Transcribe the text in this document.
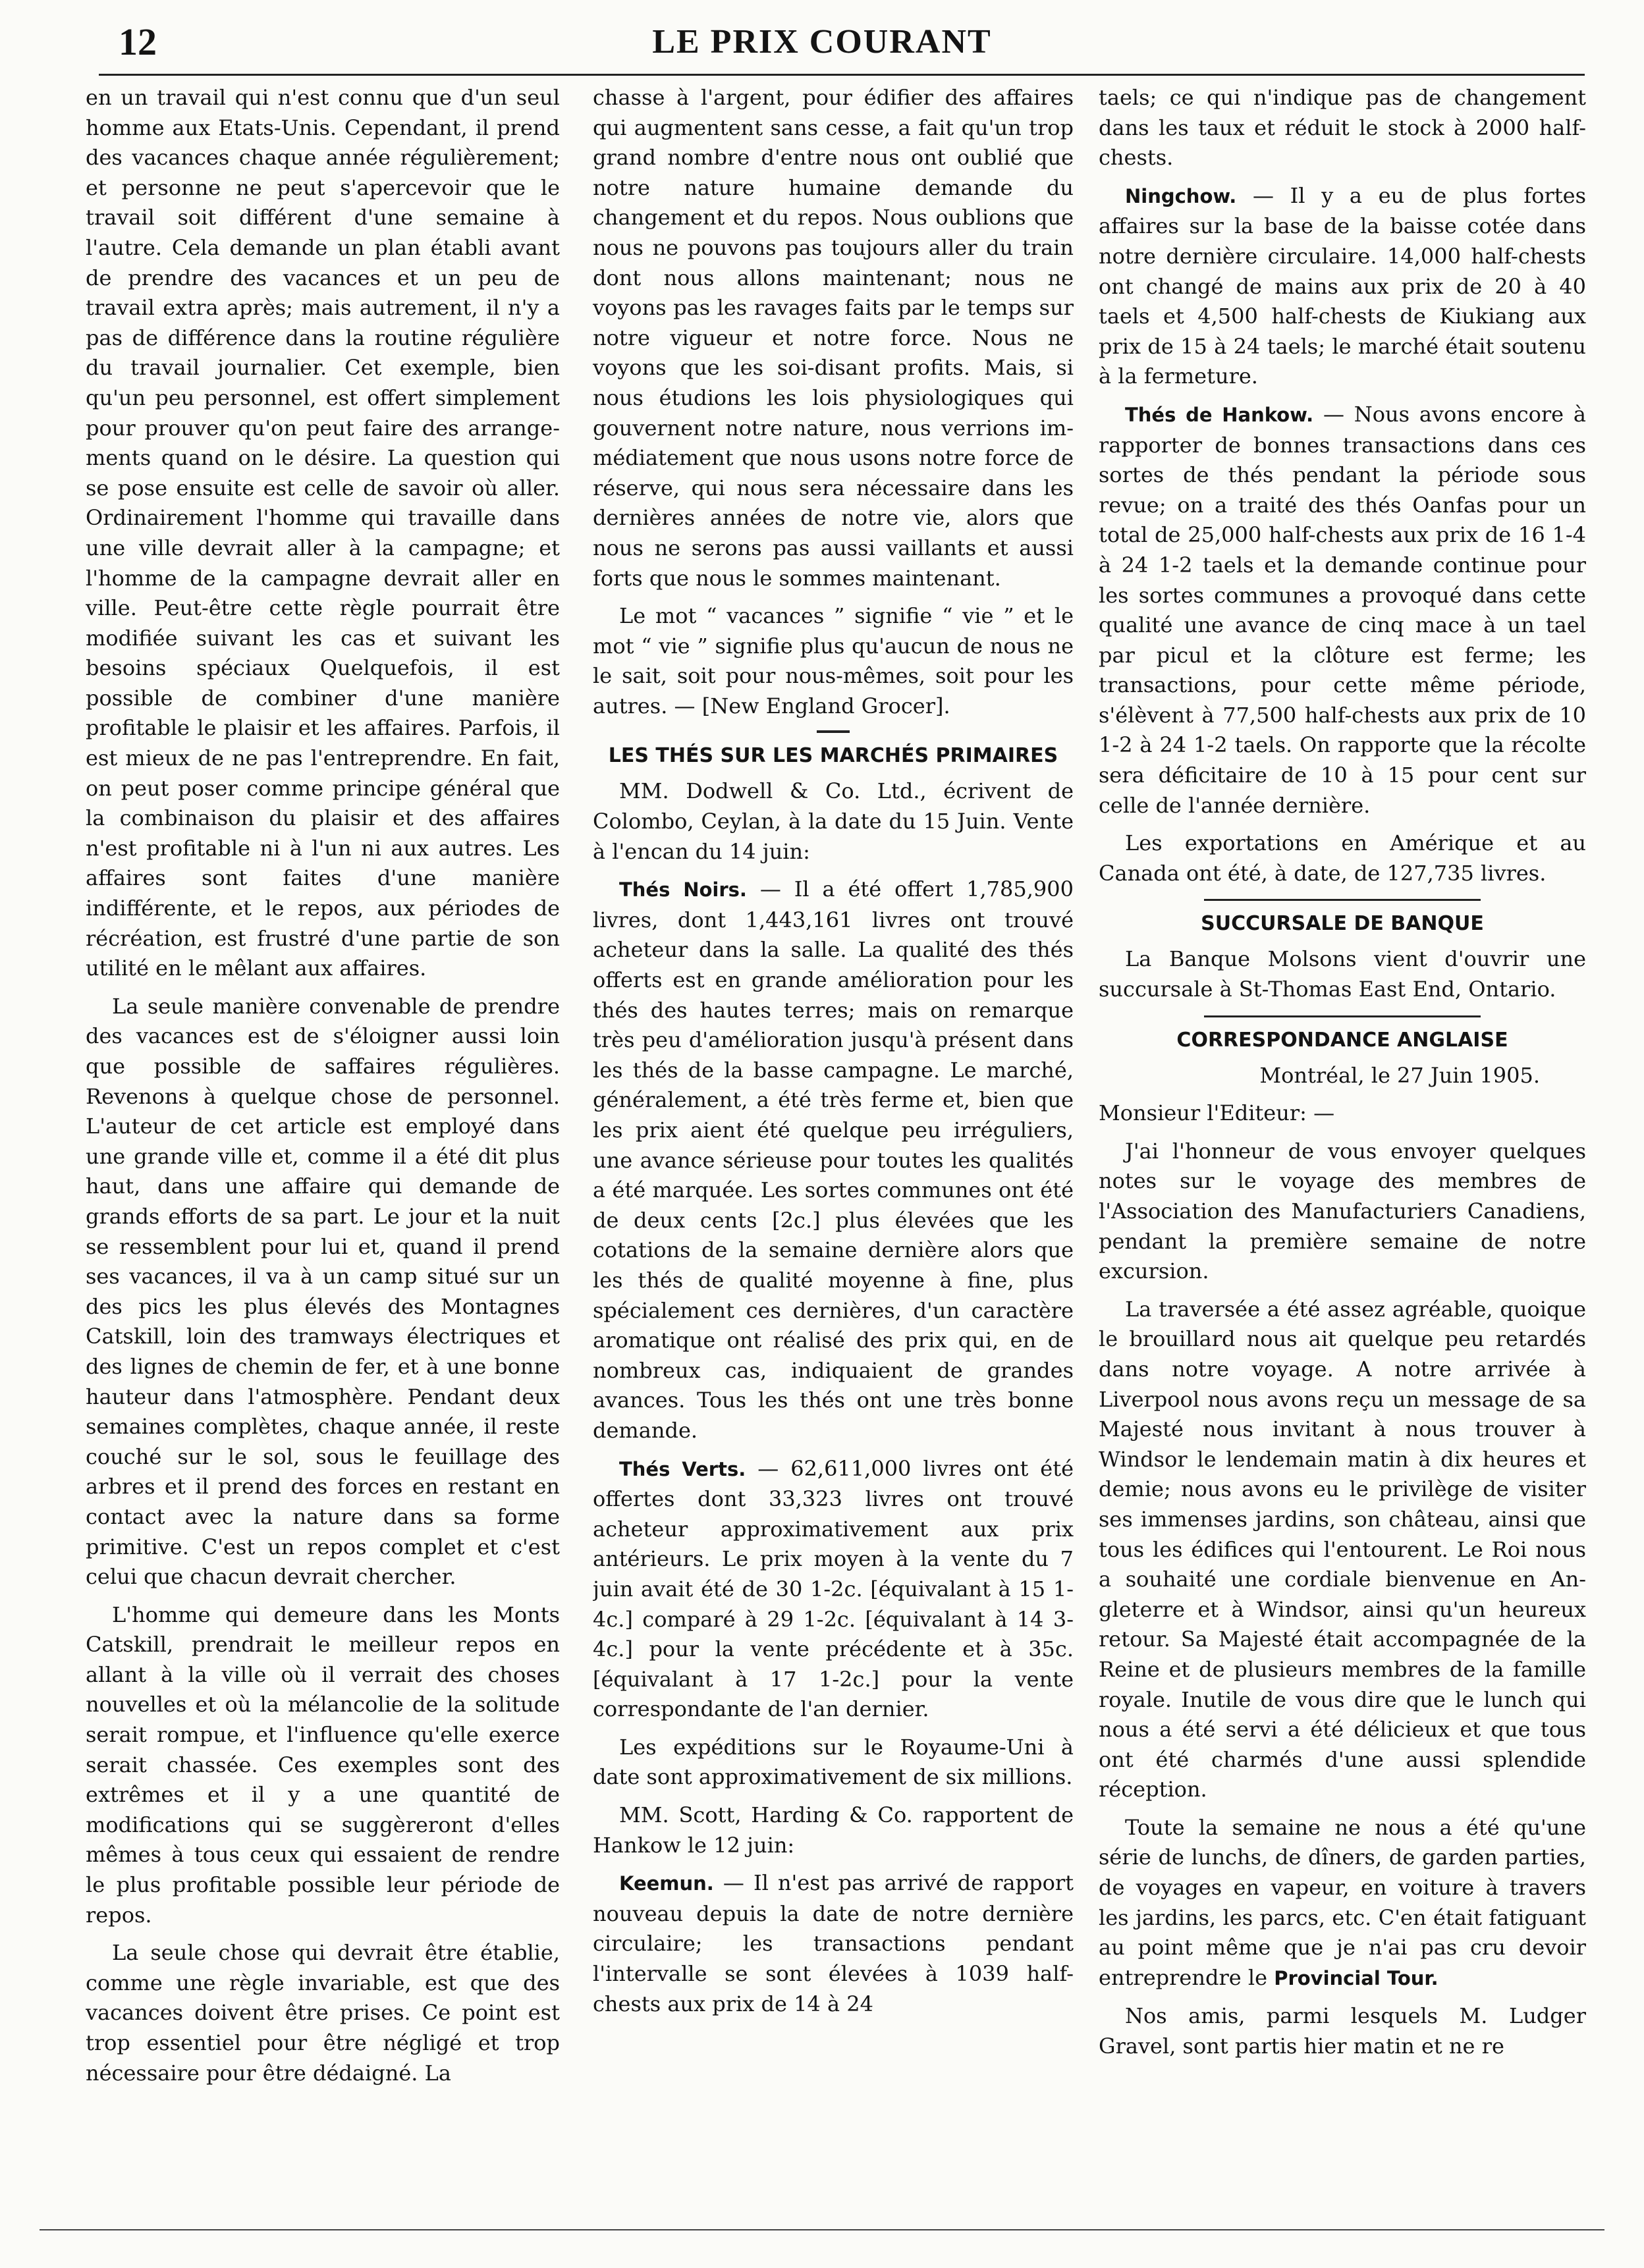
12	LE PRIX COURANT

en un travail qui n'est connu que d'un seul homme aux Etats-Unis. Cependant, il prend des vacances chaque année régulièrement; et personne ne peut s'apercevoir que le travail soit différent d'une semaine à l'autre. Cela demande un plan établi avant de prendre des vacances et un peu de travail extra après; mais autrement, il n'y a pas de différence dans la routine régulière du travail journalier. Cet exemple, bien qu'un peu personnel, est offert simplement pour prouver qu'on peut faire des arrangements quand on le désire. La question qui se pose ensuite est celle de savoir où aller. Ordinairement l'homme qui travaille dans une ville devrait aller à la campagne; et l'homme de la campagne devrait aller en ville. Peut-être cette règle pourrait être modifiée suivant les cas et suivant les besoins spéciaux Quelquefois, il est possible de combiner d'une manière profitable le plaisir et les affaires. Parfois, il est mieux de ne pas l'entreprendre. En fait, on peut poser comme principe général que la combinaison du plaisir et des affaires n'est profitable ni à l'un ni aux autres. Les affaires sont faites d'une manière indifférente, et le repos, aux périodes de récréation, est frustré d'une partie de son utilité en le mêlant aux affaires.

La seule manière convenable de prendre des vacances est de s'éloigner aussi loin que possible de saffaires régulières. Revenons à quelque chose de personnel. L'auteur de cet article est employé dans une grande ville et, comme il a été dit plus haut, dans une affaire qui demande de grands efforts de sa part. Le jour et la nuit se ressemblent pour lui et, quand il prend ses vacances, il va à un camp situé sur un des pics les plus élevés des Montagnes Catskill, loin des tramways électriques et des lignes de chemin de fer, et à une bonne hauteur dans l'atmosphère. Pendant deux semaines complètes, chaque année, il reste couché sur le sol, sous le feuillage des arbres et il prend des forces en restant en contact avec la nature dans sa forme primitive. C'est un repos complet et c'est celui que chacun devrait chercher.

L'homme qui demeure dans les Monts Catskill, prendrait le meilleur repos en allant à la ville où il verrait des choses nouvelles et où la mélancolie de la solitude serait rompue, et l'influence qu'elle exerce serait chassée. Ces exemples sont des extrêmes et il y a une quantité de modifications qui se suggèreront d'elles mêmes à tous ceux qui essaient de rendre le plus profitable possible leur période de repos.

La seule chose qui devrait être établie, comme une règle invariable, est que des vacances doivent être prises. Ce point est trop essentiel pour être négligé et trop nécessaire pour être dédaigné. La

chasse à l'argent, pour édifier des affaires qui augmentent sans cesse, a fait qu'un trop grand nombre d'entre nous ont oublié que notre nature humaine demande du changement et du repos. Nous oublions que nous ne pouvons pas toujours aller du train dont nous allons maintenant; nous ne voyons pas les ravages faits par le temps sur notre vigueur et notre force. Nous ne voyons que les soi-disant profits. Mais, si nous étudions les lois physiologiques qui gouvernent notre nature, nous verrions immédiatement que nous usons notre force de réserve, qui nous sera nécessaire dans les dernières années de notre vie, alors que nous ne serons pas aussi vaillants et aussi forts que nous le sommes maintenant.

Le mot “ vacances ” signifie “ vie ” et le mot “ vie ” signifie plus qu'aucun de nous ne le sait, soit pour nous-mêmes, soit pour les autres. — [New England Grocer].

LES THÉS SUR LES MARCHÉS PRIMAIRES

MM. Dodwell & Co. Ltd., écrivent de Colombo, Ceylan, à la date du 15 Juin. Vente à l'encan du 14 juin:

Thés Noirs. — Il a été offert 1,785,900 livres, dont 1,443,161 livres ont trouvé acheteur dans la salle. La qualité des thés offerts est en grande amélioration pour les thés des hautes terres; mais on remarque très peu d'amélioration jusqu'à présent dans les thés de la basse campagne. Le marché, généralement, a été très ferme et, bien que les prix aient été quelque peu irréguliers, une avance sérieuse pour toutes les qualités a été marquée. Les sortes communes ont été de deux cents [2c.] plus élevées que les cotations de la semaine dernière alors que les thés de qualité moyenne à fine, plus spécialement ces dernières, d'un caractère aromatique ont réalisé des prix qui, en de nombreux cas, indiquaient de grandes avances. Tous les thés ont une très bonne demande.

Thés Verts. — 62,611,000 livres ont été offertes dont 33,323 livres ont trouvé acheteur approximativement aux prix antérieurs. Le prix moyen à la vente du 7 juin avait été de 30 1-2c. [équivalant à 15 1-4c.] comparé à 29 1-2c. [équivalant à 14 3-4c.] pour la vente précédente et à 35c. [équivalant à 17 1-2c.] pour la vente correspondante de l'an dernier.

Les expéditions sur le Royaume-Uni à date sont approximativement de six millions.

MM. Scott, Harding & Co. rapportent de Hankow le 12 juin:

Keemun. — Il n'est pas arrivé de rapport nouveau depuis la date de notre dernière circulaire; les transactions pendant l'intervalle se sont élevées à 1039 half-chests aux prix de 14 à 24

taels; ce qui n'indique pas de changement dans les taux et réduit le stock à 2000 half-chests.

Ningchow. — Il y a eu de plus fortes affaires sur la base de la baisse cotée dans notre dernière circulaire. 14,000 half-chests ont changé de mains aux prix de 20 à 40 taels et 4,500 half-chests de Kiukiang aux prix de 15 à 24 taels; le marché était soutenu à la fermeture.

Thés de Hankow. — Nous avons encore à rapporter de bonnes transactions dans ces sortes de thés pendant la période sous revue; on a traité des thés Oanfas pour un total de 25,000 half-chests aux prix de 16 1-4 à 24 1-2 taels et la demande continue pour les sortes communes a provoqué dans cette qualité une avance de cinq mace à un tael par picul et la clôture est ferme; les transactions, pour cette même période, s'élèvent à 77,500 half-chests aux prix de 10 1-2 à 24 1-2 taels. On rapporte que la récolte sera déficitaire de 10 à 15 pour cent sur celle de l'année dernière.

Les exportations en Amérique et au Canada ont été, à date, de 127,735 livres.

SUCCURSALE DE BANQUE

La Banque Molsons vient d'ouvrir une succursale à St-Thomas East End, Ontario.

CORRESPONDANCE ANGLAISE

Montréal, le 27 Juin 1905.

Monsieur l'Editeur: —

J'ai l'honneur de vous envoyer quelques notes sur le voyage des membres de l'Association des Manufacturiers Canadiens, pendant la première semaine de notre excursion.

La traversée a été assez agréable, quoique le brouillard nous ait quelque peu retardés dans notre voyage. A notre arrivée à Liverpool nous avons reçu un message de sa Majesté nous invitant à nous trouver à Windsor le lendemain matin à dix heures et demie; nous avons eu le privilège de visiter ses immenses jardins, son château, ainsi que tous les édifices qui l'entourent. Le Roi nous a souhaité une cordiale bienvenue en Angleterre et à Windsor, ainsi qu'un heureux retour. Sa Majesté était accompagnée de la Reine et de plusieurs membres de la famille royale. Inutile de vous dire que le lunch qui nous a été servi a été délicieux et que tous ont été charmés d'une aussi splendide réception.

Toute la semaine ne nous a été qu'une série de lunchs, de dîners, de garden parties, de voyages en vapeur, en voiture à travers les jardins, les parcs, etc. C'en était fatiguant au point même que je n'ai pas cru devoir entreprendre le Provincial Tour.

Nos amis, parmi lesquels M. Ludger Gravel, sont partis hier matin et ne re
